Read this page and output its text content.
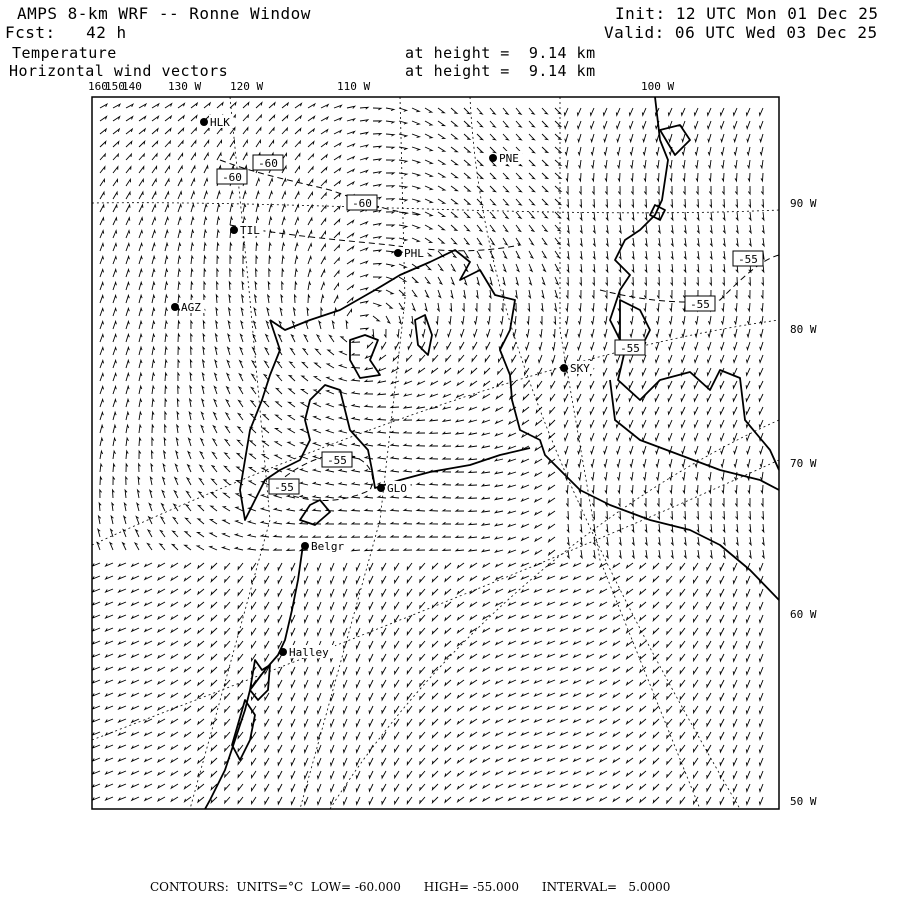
AMPS 8-km WRF -- Ronne Window
Fcst:   42 h
Init: 12 UTC Mon 01 Dec 25
Valid: 06 UTC Wed 03 Dec 25
Temperature
Horizontal wind vectors
at height =  9.14 km
at height =  9.14 km
-60
-60
-60
-55
-55
-55
-55
-55
HLK
PNE
TIL
PHL
AGZ
SKY
GLO
Belgr
Halley
160
150
140 130 W	120 W	110 W	100 W
90 W
80 W
70 W
60 W
50 W
CONTOURS:  UNITS=°C  LOW= -60.000      HIGH= -55.000      INTERVAL=   5.0000
